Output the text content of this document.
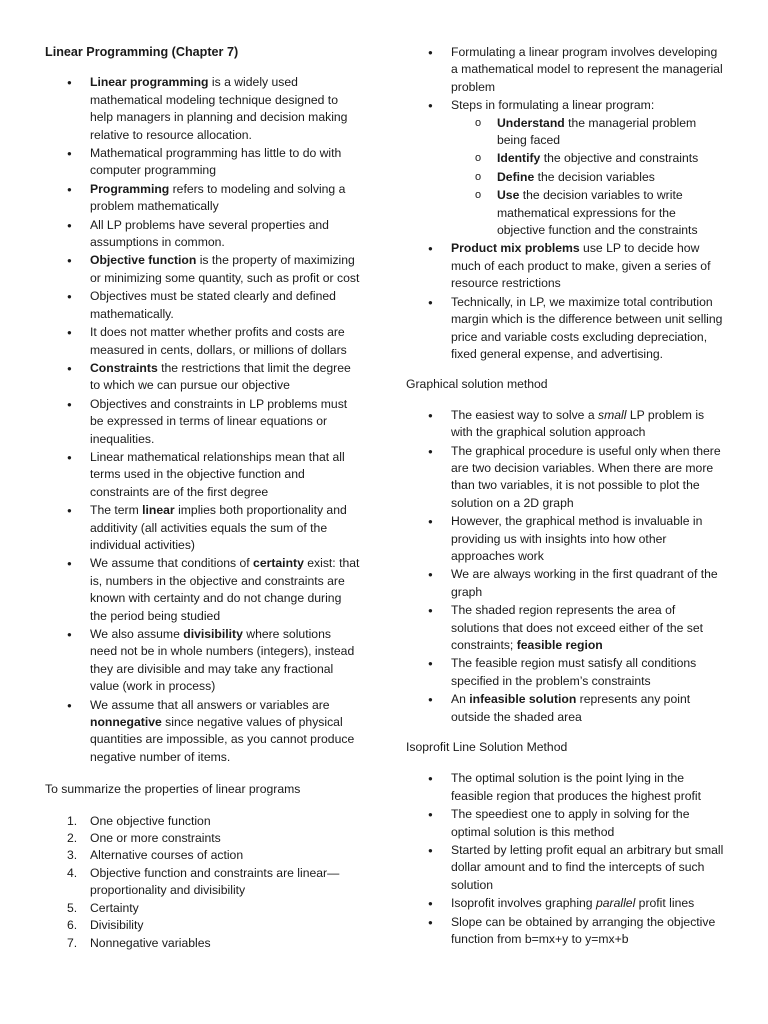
Linear Programming (Chapter 7)
● Linear programming is a widely used mathematical modeling technique designed to help managers in planning and decision making relative to resource allocation.
● Mathematical programming has little to do with computer programming
● Programming refers to modeling and solving a problem mathematically
● All LP problems have several properties and assumptions in common.
● Objective function is the property of maximizing or minimizing some quantity, such as profit or cost
● Objectives must be stated clearly and defined mathematically.
● It does not matter whether profits and costs are measured in cents, dollars, or millions of dollars
● Constraints the restrictions that limit the degree to which we can pursue our objective
● Objectives and constraints in LP problems must be expressed in terms of linear equations or inequalities.
● Linear mathematical relationships mean that all terms used in the objective function and constraints are of the first degree
● The term linear implies both proportionality and additivity (all activities equals the sum of the individual activities)
● We assume that conditions of certainty exist: that is, numbers in the objective and constraints are known with certainty and do not change during the period being studied
● We also assume divisibility where solutions need not be in whole numbers (integers), instead they are divisible and may take any fractional value (work in process)
● We assume that all answers or variables are nonnegative since negative values of physical quantities are impossible, as you cannot produce negative number of items.
To summarize the properties of linear programs
1. One objective function
2. One or more constraints
3. Alternative courses of action
4. Objective function and constraints are linear—proportionality and divisibility
5. Certainty
6. Divisibility
7. Nonnegative variables
● Formulating a linear program involves developing a mathematical model to represent the managerial problem
● Steps in formulating a linear program:
o Understand the managerial problem being faced
o Identify the objective and constraints
o Define the decision variables
o Use the decision variables to write mathematical expressions for the objective function and the constraints
● Product mix problems use LP to decide how much of each product to make, given a series of resource restrictions
● Technically, in LP, we maximize total contribution margin which is the difference between unit selling price and variable costs excluding depreciation, fixed general expense, and advertising.
Graphical solution method
● The easiest way to solve a small LP problem is with the graphical solution approach
● The graphical procedure is useful only when there are two decision variables. When there are more than two variables, it is not possible to plot the solution on a 2D graph
● However, the graphical method is invaluable in providing us with insights into how other approaches work
● We are always working in the first quadrant of the graph
● The shaded region represents the area of solutions that does not exceed either of the set constraints; feasible region
● The feasible region must satisfy all conditions specified in the problem’s constraints
● An infeasible solution represents any point outside the shaded area
Isoprofit Line Solution Method
● The optimal solution is the point lying in the feasible region that produces the highest profit
● The speediest one to apply in solving for the optimal solution is this method
● Started by letting profit equal an arbitrary but small dollar amount and to find the intercepts of such solution
● Isoprofit involves graphing parallel profit lines
● Slope can be obtained by arranging the objective function from b=mx+y to y=mx+b
